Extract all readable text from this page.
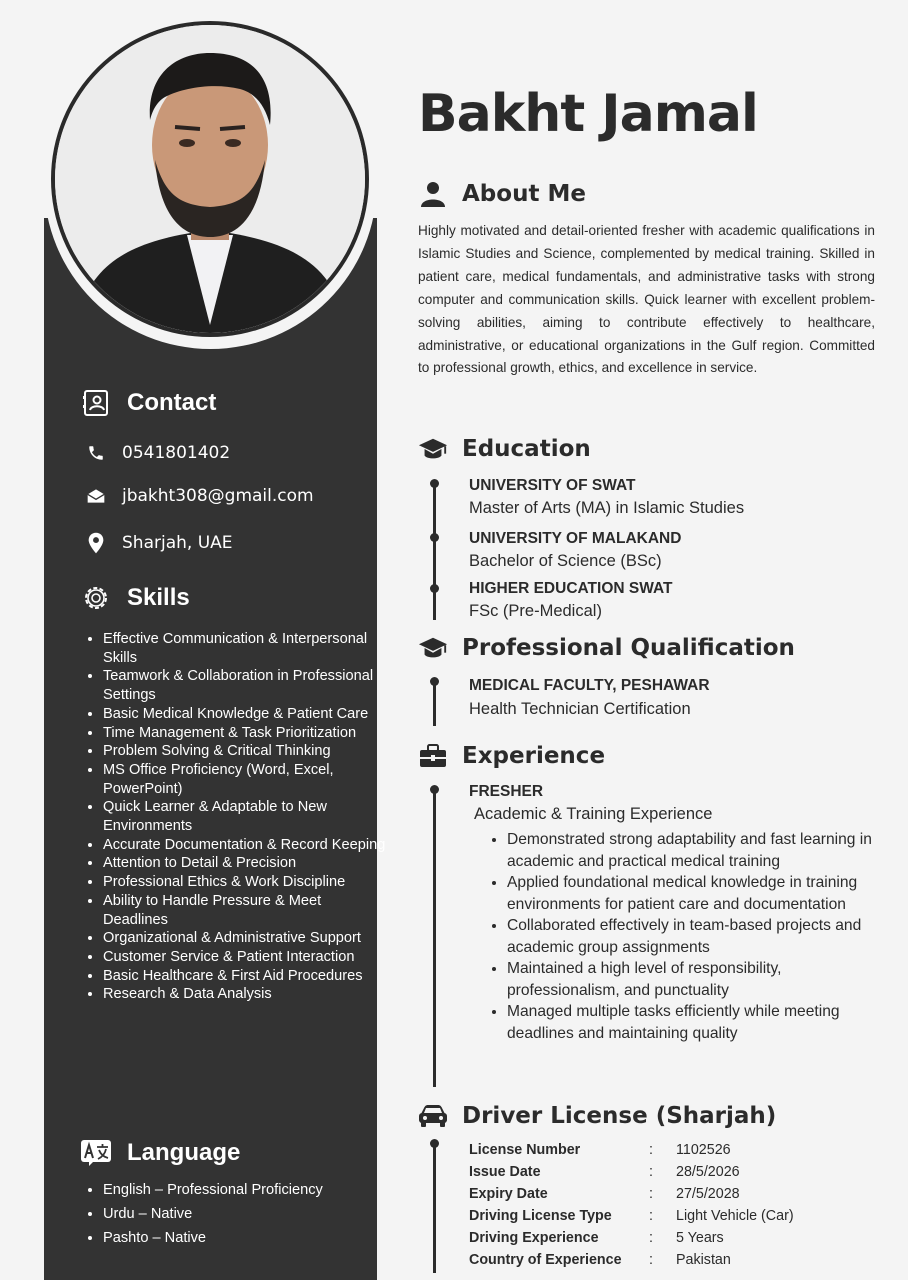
Contact
0541801402
jbakht308@gmail.com
Sharjah, UAE
Skills
• Effective Communication & Interpersonal Skills
• Teamwork & Collaboration in Professional Settings
• Basic Medical Knowledge & Patient Care
• Time Management & Task Prioritization
• Problem Solving & Critical Thinking
• MS Office Proficiency (Word, Excel, PowerPoint)
• Quick Learner & Adaptable to New Environments
• Accurate Documentation & Record Keeping
• Attention to Detail & Precision
• Professional Ethics & Work Discipline
• Ability to Handle Pressure & Meet Deadlines
• Organizational & Administrative Support
• Customer Service & Patient Interaction
• Basic Healthcare & First Aid Procedures
• Research & Data Analysis
Language
• English – Professional Proficiency
• Urdu – Native
• Pashto – Native
Bakht Jamal
About Me

Highly motivated and detail-oriented fresher with academic qualifications in Islamic Studies and Science, complemented by medical training. Skilled in patient care, medical fundamentals, and administrative tasks with strong computer and communication skills. Quick learner with excellent problem-solving abilities, aiming to contribute effectively to healthcare, administrative, or educational organizations in the Gulf region. Committed to professional growth, ethics, and excellence in service.

Education
UNIVERSITY OF SWAT
Master of Arts (MA) in Islamic Studies
UNIVERSITY OF MALAKAND
Bachelor of Science (BSc)
HIGHER EDUCATION SWAT
FSc (Pre-Medical)
Professional Qualification
MEDICAL FACULTY, PESHAWAR
Health Technician Certification
Experience
FRESHER
Academic & Training Experience
• Demonstrated strong adaptability and fast learning in academic and practical medical training
• Applied foundational medical knowledge in training environments for patient care and documentation
• Collaborated effectively in team-based projects and academic group assignments
• Maintained a high level of responsibility, professionalism, and punctuality
• Managed multiple tasks efficiently while meeting deadlines and maintaining quality
Driver License (Sharjah)
License Number	:	1102526
Issue Date	:	28/5/2026
Expiry Date	:	27/5/2028
Driving License Type	:	Light Vehicle (Car)
Driving Experience	:	5 Years
Country of Experience	:	Pakistan
